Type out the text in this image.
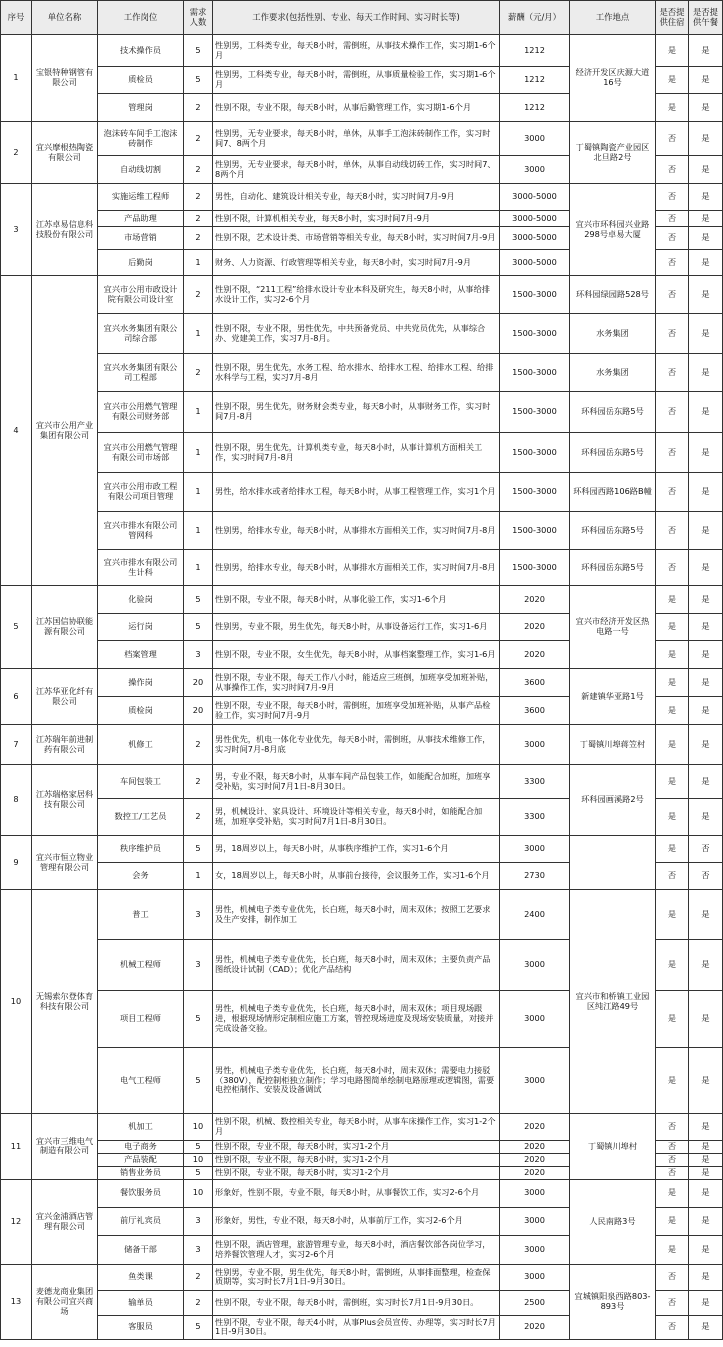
序号	单位名称	工作岗位	需求人数	工作要求(包括性别、专业、每天工作时间、实习时长等)	薪酬（元/月）	工作地点	是否提供住宿	是否提供午餐
1	宝银特种钢管有限公司	技术操作员	5	性别男，工科类专业，每天8小时，需倒班，从事技术操作工作，实习期1-6个月	1212	经济开发区庆源大道16号	是	是
		质检员	5	性别男，工科类专业，每天8小时，需倒班，从事质量检验工作，实习期1-6个月	1212		是	是
		管理岗	2	性别不限，专业不限，每天8小时，从事后勤管理工作，实习期1-6个月	1212		是	是
2	宜兴摩根热陶瓷有限公司	泡沫砖车间手工泡沫砖制作	2	性别男，无专业要求，每天8小时，单休，从事手工泡沫砖制作工作，实习时间7、8两个月	3000	丁蜀镇陶瓷产业园区北旦路2号	否	是
		自动线切割	2	性别男，无专业要求，每天8小时，单休，从事自动线切砖工作，实习时间7、8两个月	3000		否	是
3	江苏卓易信息科技股份有限公司	实施运维工程师	2	男性，自动化、建筑设计相关专业，每天8小时，实习时间7月-9月	3000-5000	宜兴市环科园兴业路298号卓易大厦	否	是
		产品助理	2	性别不限，计算机相关专业，每天8小时，实习时间7月-9月	3000-5000		否	是
		市场营销	2	性别不限，艺术设计类、市场营销等相关专业，每天8小时，实习时间7月-9月	3000-5000		否	是
		后勤岗	1	财务、人力资源、行政管理等相关专业，每天8小时，实习时间7月-9月	3000-5000		否	是
4	宜兴市公用产业集团有限公司	宜兴市公用市政设计院有限公司设计室	2	性别不限，“211工程”给排水设计专业本科及研究生，每天8小时，从事给排水设计工作，实习2-6个月	1500-3000	环科园绿园路528号	否	是
		宜兴水务集团有限公司综合部	1	性别不限，专业不限，男性优先，中共预备党员、中共党员优先，从事综合办、党建美工作，实习7月-8月。	1500-3000	水务集团	否	是
		宜兴水务集团有限公司工程部	2	性别不限，男生优先，水务工程、给水排水、给排水工程、给排水工程、给排水科学与工程，实习7月-8月	1500-3000	水务集团	否	是
		宜兴市公用燃气管理有限公司财务部	1	性别不限，男生优先，财务财会类专业，每天8小时，从事财务工作，实习时间7月-8月	1500-3000	环科园岳东路5号	否	是
		宜兴市公用燃气管理有限公司市场部	1	性别不限，男生优先，计算机类专业，每天8小时，从事计算机方面相关工作，实习时间7月-8月	1500-3000	环科园岳东路5号	否	是
		宜兴市公用市政工程有限公司项目管理	1	男性，给水排水或者给排水工程，每天8小时，从事工程管理工作，实习1个月	1500-3000	环科园西路106路B幢	否	是
		宜兴市排水有限公司管网科	1	性别男，给排水专业，每天8小时，从事排水方面相关工作，实习时间7月-8月	1500-3000	环科园岳东路5号	否	是
		宜兴市排水有限公司生计科	1	性别男，给排水专业，每天8小时，从事排水方面相关工作，实习时间7月-8月	1500-3000	环科园岳东路5号	否	是
5	江苏国信协联能源有限公司	化验岗	5	性别不限，专业不限，每天8小时，从事化验工作，实习1-6个月	2020	宜兴市经济开发区热电路一号	是	是
		运行岗	5	性别男，专业不限，男生优先，每天8小时，从事设备运行工作，实习1-6月	2020		是	是
		档案管理	3	性别不限，专业不限，女生优先，每天8小时，从事档案整理工作，实习1-6月	2020		是	是
6	江苏华亚化纤有限公司	操作岗	20	性别不限，专业不限，每天工作八小时，能适应三班倒，加班享受加班补贴，从事操作工作，实习时间7月-9月	3600	新建镇华亚路1号	是	是
		质检岗	20	性别不限，专业不限，每天8小时，需倒班，加班享受加班补贴，从事产品检验工作，实习时间7月-9月	3600		是	是
7	江苏瑞年前进制药有限公司	机修工	2	男性优先，机电一体化专业优先，每天8小时，需倒班，从事技术维修工作，实习时间7月-8月底	3000	丁蜀镇川埠蒋笠村	是	是
8	江苏瑞格家居科技有限公司	车间包装工	2	男，专业不限，每天8小时，从事车间产品包装工作，如能配合加班，加班享受补贴，实习时间7月1日-8月30日。	3300	环科园画溪路2号	是	是
		数控工/工艺员	2	男，机械设计、家具设计、环境设计等相关专业，每天8小时，如能配合加班，加班享受补贴，实习时间7月1日-8月30日。	3300		是	是
9	宜兴市恒立物业管理有限公司	秩序维护员	5	男，18周岁以上，每天8小时，从事秩序维护工作，实习1-6个月	3000		是	否
		会务	1	女，18周岁以上，每天8小时，从事前台接待，会议服务工作，实习1-6个月	2730		否	否
10	无锡索尔登体育科技有限公司	普工	3	男性，机械电子类专业优先，长白班，每天8小时，周末双休；按照工艺要求及生产安排，制作加工	2400	宜兴市和桥镇工业园区纯江路49号	是	是
		机械工程师	3	男性，机械电子类专业优先，长白班，每天8小时，周末双休；主要负责产品图纸设计试制（CAD）；优化产品结构	3000		是	是
		项目工程师	5	男性，机械电子类专业优先，长白班，每天8小时，周末双休；项目现场跟进，根据现场情形定制相应施工方案，管控现场进度及现场安装质量，对接并完成设备交验。	3000		是	是
		电气工程师	5	男性，机械电子类专业优先，长白班，每天8小时，周末双休；需要电力接驳（380V），配控制柜独立制作；学习电路图简单绘制电路原理或逻辑图，需要电控柜制作、安装及设备调试	3000		是	是
11	宜兴市三维电气制造有限公司	机加工	10	性别不限，机械、数控相关专业，每天8小时，从事车床操作工作，实习1-2个月	2020	丁蜀镇川埠村	否	是
		电子商务	5	性别不限，专业不限，每天8小时，实习1-2个月	2020		否	是
		产品装配	10	性别不限，专业不限，每天8小时，实习1-2个月	2020		否	是
		销售业务员	5	性别不限，专业不限，每天8小时，实习1-2个月	2020		否	是
12	宜兴金浦酒店管理有限公司	餐饮服务员	10	形象好，性别不限，专业不限，每天8小时，从事餐饮工作，实习2-6个月	3000	人民南路3号	是	是
		前厅礼宾员	3	形象好，男性，专业不限，每天8小时，从事前厅工作，实习2-6个月	3000		是	是
		储备干部	3	性别不限，酒店管理，旅游管理专业，每天8小时，酒店餐饮部各岗位学习，培养餐饮管理人才，实习2-6个月	3000		是	是
13	麦德龙商业集团有限公司宜兴商场	鱼类课	2	性别男，专业不限，男生优先，每天8小时，需倒班，从事排面整理，检查保质期等，实习时长7月1日-9月30日。	3000	宜城镇阳泉西路803-893号	否	是
		输单员	2	性别不限，专业不限，每天8小时，需倒班，实习时长7月1日-9月30日。	2500		否	是
		客服员	5	性别不限，专业不限，每天4小时，从事Plus会员宣传、办理等，实习时长7月1日-9月30日。	2020		否	是
